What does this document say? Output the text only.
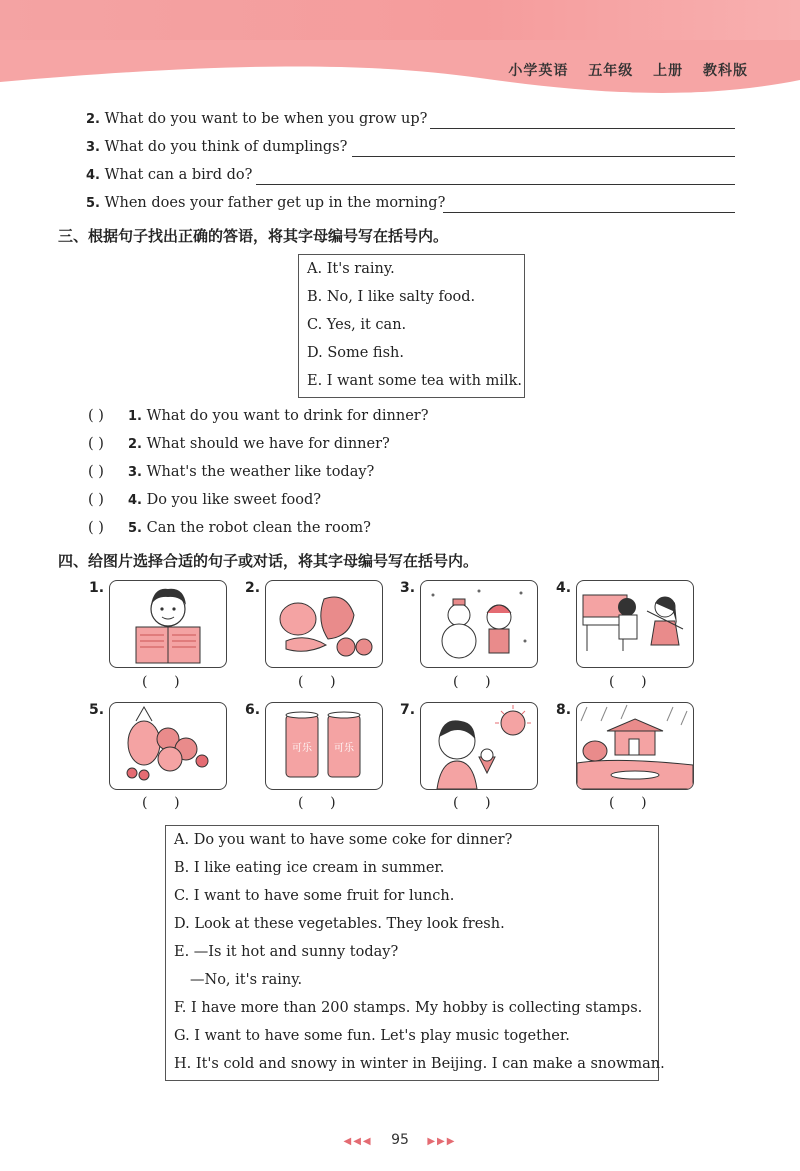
小学英语 五年级 上册 教科版
2. What do you want to be when you grow up?
3. What do you think of dumplings?
4. What can a bird do?
5. When does your father get up in the morning?
三、根据句子找出正确的答语，将其字母编号写在括号内。
A. It's rainy.
B. No, I like salty food.
C. Yes, it can.
D. Some fish.
E. I want some tea with milk.
( ) 1. What do you want to drink for dinner?
( ) 2. What should we have for dinner?
( ) 3. What's the weather like today?
( ) 4. Do you like sweet food?
( ) 5. Can the robot clean the room?
四、给图片选择合适的句子或对话，将其字母编号写在括号内。
1.	2.	3.	4.
(      )	(      )	(      )	(      )
5.	6.
可乐 可乐
7.	8.
(      )	(      )	(      )	(      )
A. Do you want to have some coke for dinner?
B. I like eating ice cream in summer.
C. I want to have some fruit for lunch.
D. Look at these vegetables. They look fresh.
E. —Is it hot and sunny today?
—No, it's rainy.
F. I have more than 200 stamps. My hobby is collecting stamps.
G. I want to have some fun. Let's play music together.
H. It's cold and snowy in winter in Beijing. I can make a snowman.
◀◀◀ 95 ▶▶▶
